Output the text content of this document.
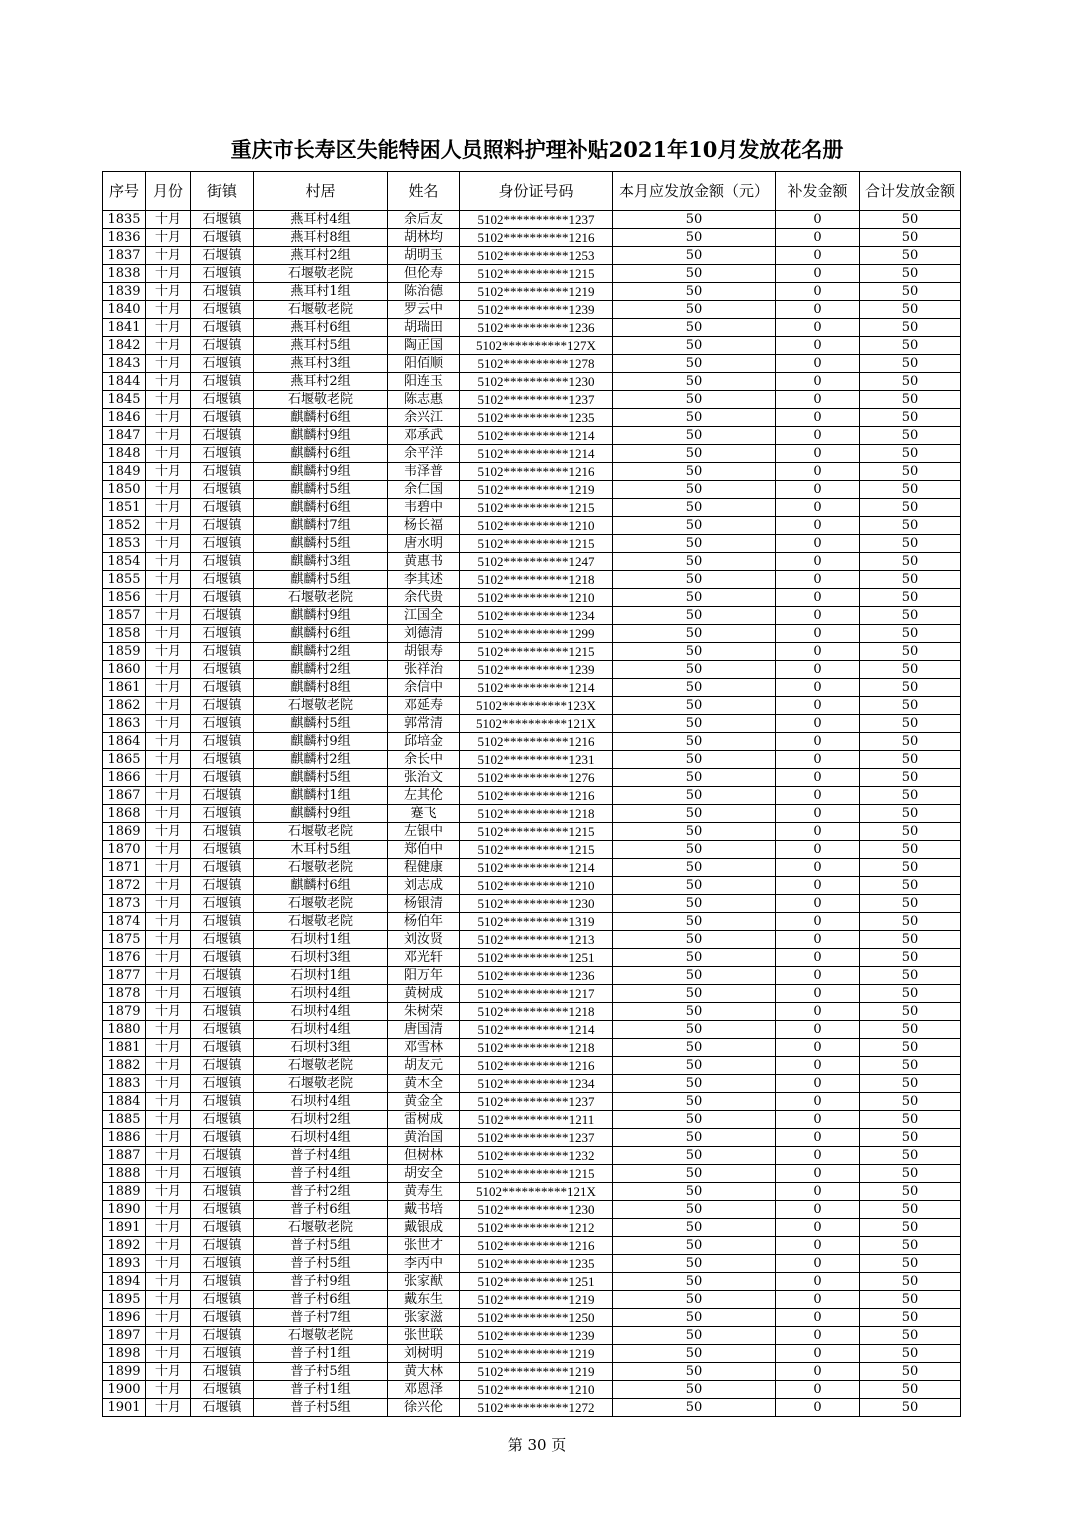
重庆市长寿区失能特困人员照料护理补贴2021年10月发放花名册
序号	月份	街镇	村居	姓名	身份证号码	本月应发放金额（元）	补发金额	合计发放金额
1835	十月	石堰镇	燕耳村4组	余后友	5102**********1237	50	0	50
1836	十月	石堰镇	燕耳村8组	胡林均	5102**********1216	50	0	50
1837	十月	石堰镇	燕耳村2组	胡明玉	5102**********1253	50	0	50
1838	十月	石堰镇	石堰敬老院	但伦寿	5102**********1215	50	0	50
1839	十月	石堰镇	燕耳村1组	陈治德	5102**********1219	50	0	50
1840	十月	石堰镇	石堰敬老院	罗云中	5102**********1239	50	0	50
1841	十月	石堰镇	燕耳村6组	胡瑞田	5102**********1236	50	0	50
1842	十月	石堰镇	燕耳村5组	陶正国	5102**********127X	50	0	50
1843	十月	石堰镇	燕耳村3组	阳佰顺	5102**********1278	50	0	50
1844	十月	石堰镇	燕耳村2组	阳连玉	5102**********1230	50	0	50
1845	十月	石堰镇	石堰敬老院	陈志惠	5102**********1237	50	0	50
1846	十月	石堰镇	麒麟村6组	余兴江	5102**********1235	50	0	50
1847	十月	石堰镇	麒麟村9组	邓承武	5102**********1214	50	0	50
1848	十月	石堰镇	麒麟村6组	余平洋	5102**********1214	50	0	50
1849	十月	石堰镇	麒麟村9组	韦泽普	5102**********1216	50	0	50
1850	十月	石堰镇	麒麟村5组	余仁国	5102**********1219	50	0	50
1851	十月	石堰镇	麒麟村6组	韦碧中	5102**********1215	50	0	50
1852	十月	石堰镇	麒麟村7组	杨长福	5102**********1210	50	0	50
1853	十月	石堰镇	麒麟村5组	唐水明	5102**********1215	50	0	50
1854	十月	石堰镇	麒麟村3组	黄惠书	5102**********1247	50	0	50
1855	十月	石堰镇	麒麟村5组	李其述	5102**********1218	50	0	50
1856	十月	石堰镇	石堰敬老院	余代贵	5102**********1210	50	0	50
1857	十月	石堰镇	麒麟村9组	江国全	5102**********1234	50	0	50
1858	十月	石堰镇	麒麟村6组	刘德清	5102**********1299	50	0	50
1859	十月	石堰镇	麒麟村2组	胡银寿	5102**********1215	50	0	50
1860	十月	石堰镇	麒麟村2组	张祥治	5102**********1239	50	0	50
1861	十月	石堰镇	麒麟村8组	余信中	5102**********1214	50	0	50
1862	十月	石堰镇	石堰敬老院	邓延寿	5102**********123X	50	0	50
1863	十月	石堰镇	麒麟村5组	郭常清	5102**********121X	50	0	50
1864	十月	石堰镇	麒麟村9组	邱培金	5102**********1216	50	0	50
1865	十月	石堰镇	麒麟村2组	余长中	5102**********1231	50	0	50
1866	十月	石堰镇	麒麟村5组	张治文	5102**********1276	50	0	50
1867	十月	石堰镇	麒麟村1组	左其伦	5102**********1216	50	0	50
1868	十月	石堰镇	麒麟村9组	蹇飞	5102**********1218	50	0	50
1869	十月	石堰镇	石堰敬老院	左银中	5102**********1215	50	0	50
1870	十月	石堰镇	木耳村5组	郑伯中	5102**********1215	50	0	50
1871	十月	石堰镇	石堰敬老院	程健康	5102**********1214	50	0	50
1872	十月	石堰镇	麒麟村6组	刘志成	5102**********1210	50	0	50
1873	十月	石堰镇	石堰敬老院	杨银清	5102**********1230	50	0	50
1874	十月	石堰镇	石堰敬老院	杨伯年	5102**********1319	50	0	50
1875	十月	石堰镇	石坝村1组	刘汝贤	5102**********1213	50	0	50
1876	十月	石堰镇	石坝村3组	邓光轩	5102**********1251	50	0	50
1877	十月	石堰镇	石坝村1组	阳万年	5102**********1236	50	0	50
1878	十月	石堰镇	石坝村4组	黄树成	5102**********1217	50	0	50
1879	十月	石堰镇	石坝村4组	朱树荣	5102**********1218	50	0	50
1880	十月	石堰镇	石坝村4组	唐国清	5102**********1214	50	0	50
1881	十月	石堰镇	石坝村3组	邓雪林	5102**********1218	50	0	50
1882	十月	石堰镇	石堰敬老院	胡友元	5102**********1216	50	0	50
1883	十月	石堰镇	石堰敬老院	黄木全	5102**********1234	50	0	50
1884	十月	石堰镇	石坝村4组	黄金全	5102**********1237	50	0	50
1885	十月	石堰镇	石坝村2组	雷树成	5102**********1211	50	0	50
1886	十月	石堰镇	石坝村4组	黄治国	5102**********1237	50	0	50
1887	十月	石堰镇	普子村4组	但树林	5102**********1232	50	0	50
1888	十月	石堰镇	普子村4组	胡安全	5102**********1215	50	0	50
1889	十月	石堰镇	普子村2组	黄寿生	5102**********121X	50	0	50
1890	十月	石堰镇	普子村6组	戴书培	5102**********1230	50	0	50
1891	十月	石堰镇	石堰敬老院	戴银成	5102**********1212	50	0	50
1892	十月	石堰镇	普子村5组	张世才	5102**********1216	50	0	50
1893	十月	石堰镇	普子村5组	李丙中	5102**********1235	50	0	50
1894	十月	石堰镇	普子村9组	张家猷	5102**********1251	50	0	50
1895	十月	石堰镇	普子村6组	戴东生	5102**********1219	50	0	50
1896	十月	石堰镇	普子村7组	张家滋	5102**********1250	50	0	50
1897	十月	石堰镇	石堰敬老院	张世联	5102**********1239	50	0	50
1898	十月	石堰镇	普子村1组	刘树明	5102**********1219	50	0	50
1899	十月	石堰镇	普子村5组	黄大林	5102**********1219	50	0	50
1900	十月	石堰镇	普子村1组	邓恩泽	5102**********1210	50	0	50
1901	十月	石堰镇	普子村5组	徐兴伦	5102**********1272	50	0	50
第 30 页
